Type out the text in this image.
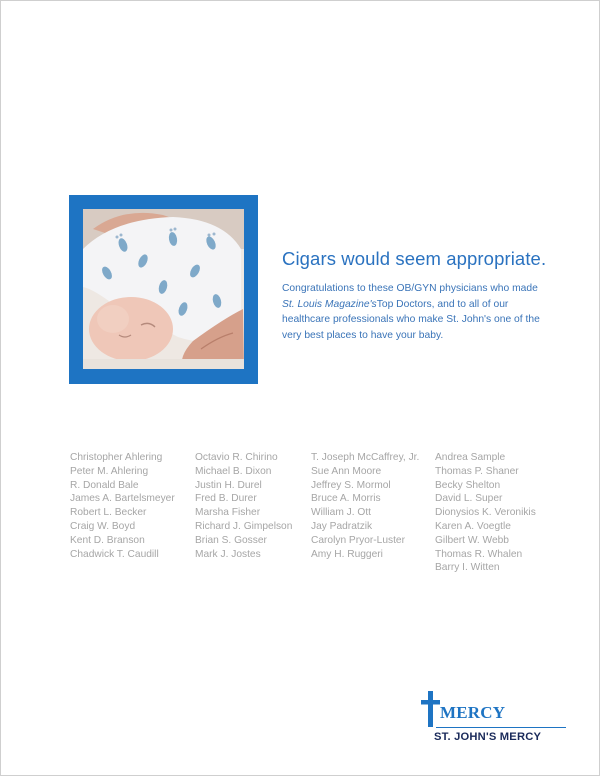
Cigars would seem appropriate.
Congratulations to these OB/GYN physicians who made St. Louis Magazine'sTop Doctors, and to all of our healthcare professionals who make St. John's one of the very best places to have your baby.
Christopher Ahlering
Peter M. Ahlering
R. Donald Bale
James A. Bartelsmeyer
Robert L. Becker
Craig W. Boyd
Kent D. Branson
Chadwick T. Caudill
Octavio R. Chirino
Michael B. Dixon
Justin H. Durel
Fred B. Durer
Marsha Fisher
Richard J. Gimpelson
Brian S. Gosser
Mark J. Jostes
T. Joseph McCaffrey, Jr.
Sue Ann Moore
Jeffrey S. Mormol
Bruce A. Morris
William J. Ott
Jay Padratzik
Carolyn Pryor-Luster
Amy H. Ruggeri
Andrea Sample
Thomas P. Shaner
Becky Shelton
David L. Super
Dionysios K. Veronikis
Karen A. Voegtle
Gilbert W. Webb
Thomas R. Whalen
Barry I. Witten
MERCY
ST. JOHN'S MERCY
